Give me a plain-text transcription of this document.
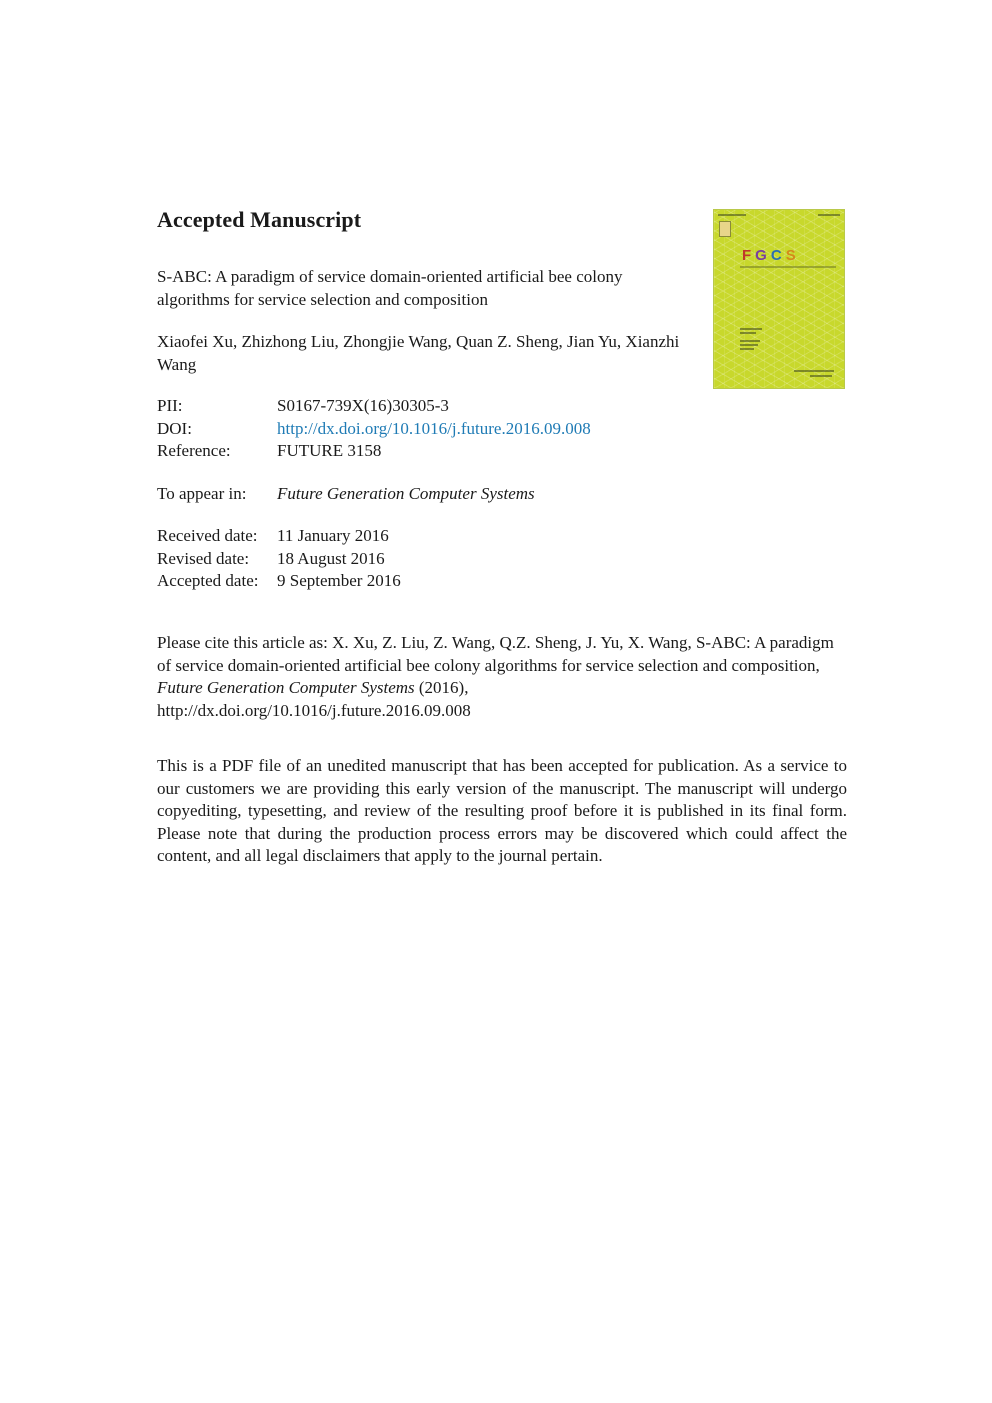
Accepted Manuscript
S-ABC: A paradigm of service domain-oriented artificial bee colony algorithms for service selection and composition
Xiaofei Xu, Zhizhong Liu, Zhongjie Wang, Quan Z. Sheng, Jian Yu, Xianzhi Wang
PII:	S0167-739X(16)30305-3
DOI:	http://dx.doi.org/10.1016/j.future.2016.09.008
Reference:	FUTURE 3158
To appear in:	Future Generation Computer Systems
Received date:	11 January 2016
Revised date:	18 August 2016
Accepted date:	9 September 2016
Please cite this article as: X. Xu, Z. Liu, Z. Wang, Q.Z. Sheng, J. Yu, X. Wang, S-ABC: A paradigm of service domain-oriented artificial bee colony algorithms for service selection and composition, Future Generation Computer Systems (2016),
http://dx.doi.org/10.1016/j.future.2016.09.008
This is a PDF file of an unedited manuscript that has been accepted for publication. As a service to our customers we are providing this early version of the manuscript. The manuscript will undergo copyediting, typesetting, and review of the resulting proof before it is published in its final form. Please note that during the production process errors may be discovered which could affect the content, and all legal disclaimers that apply to the journal pertain.
F G C S
